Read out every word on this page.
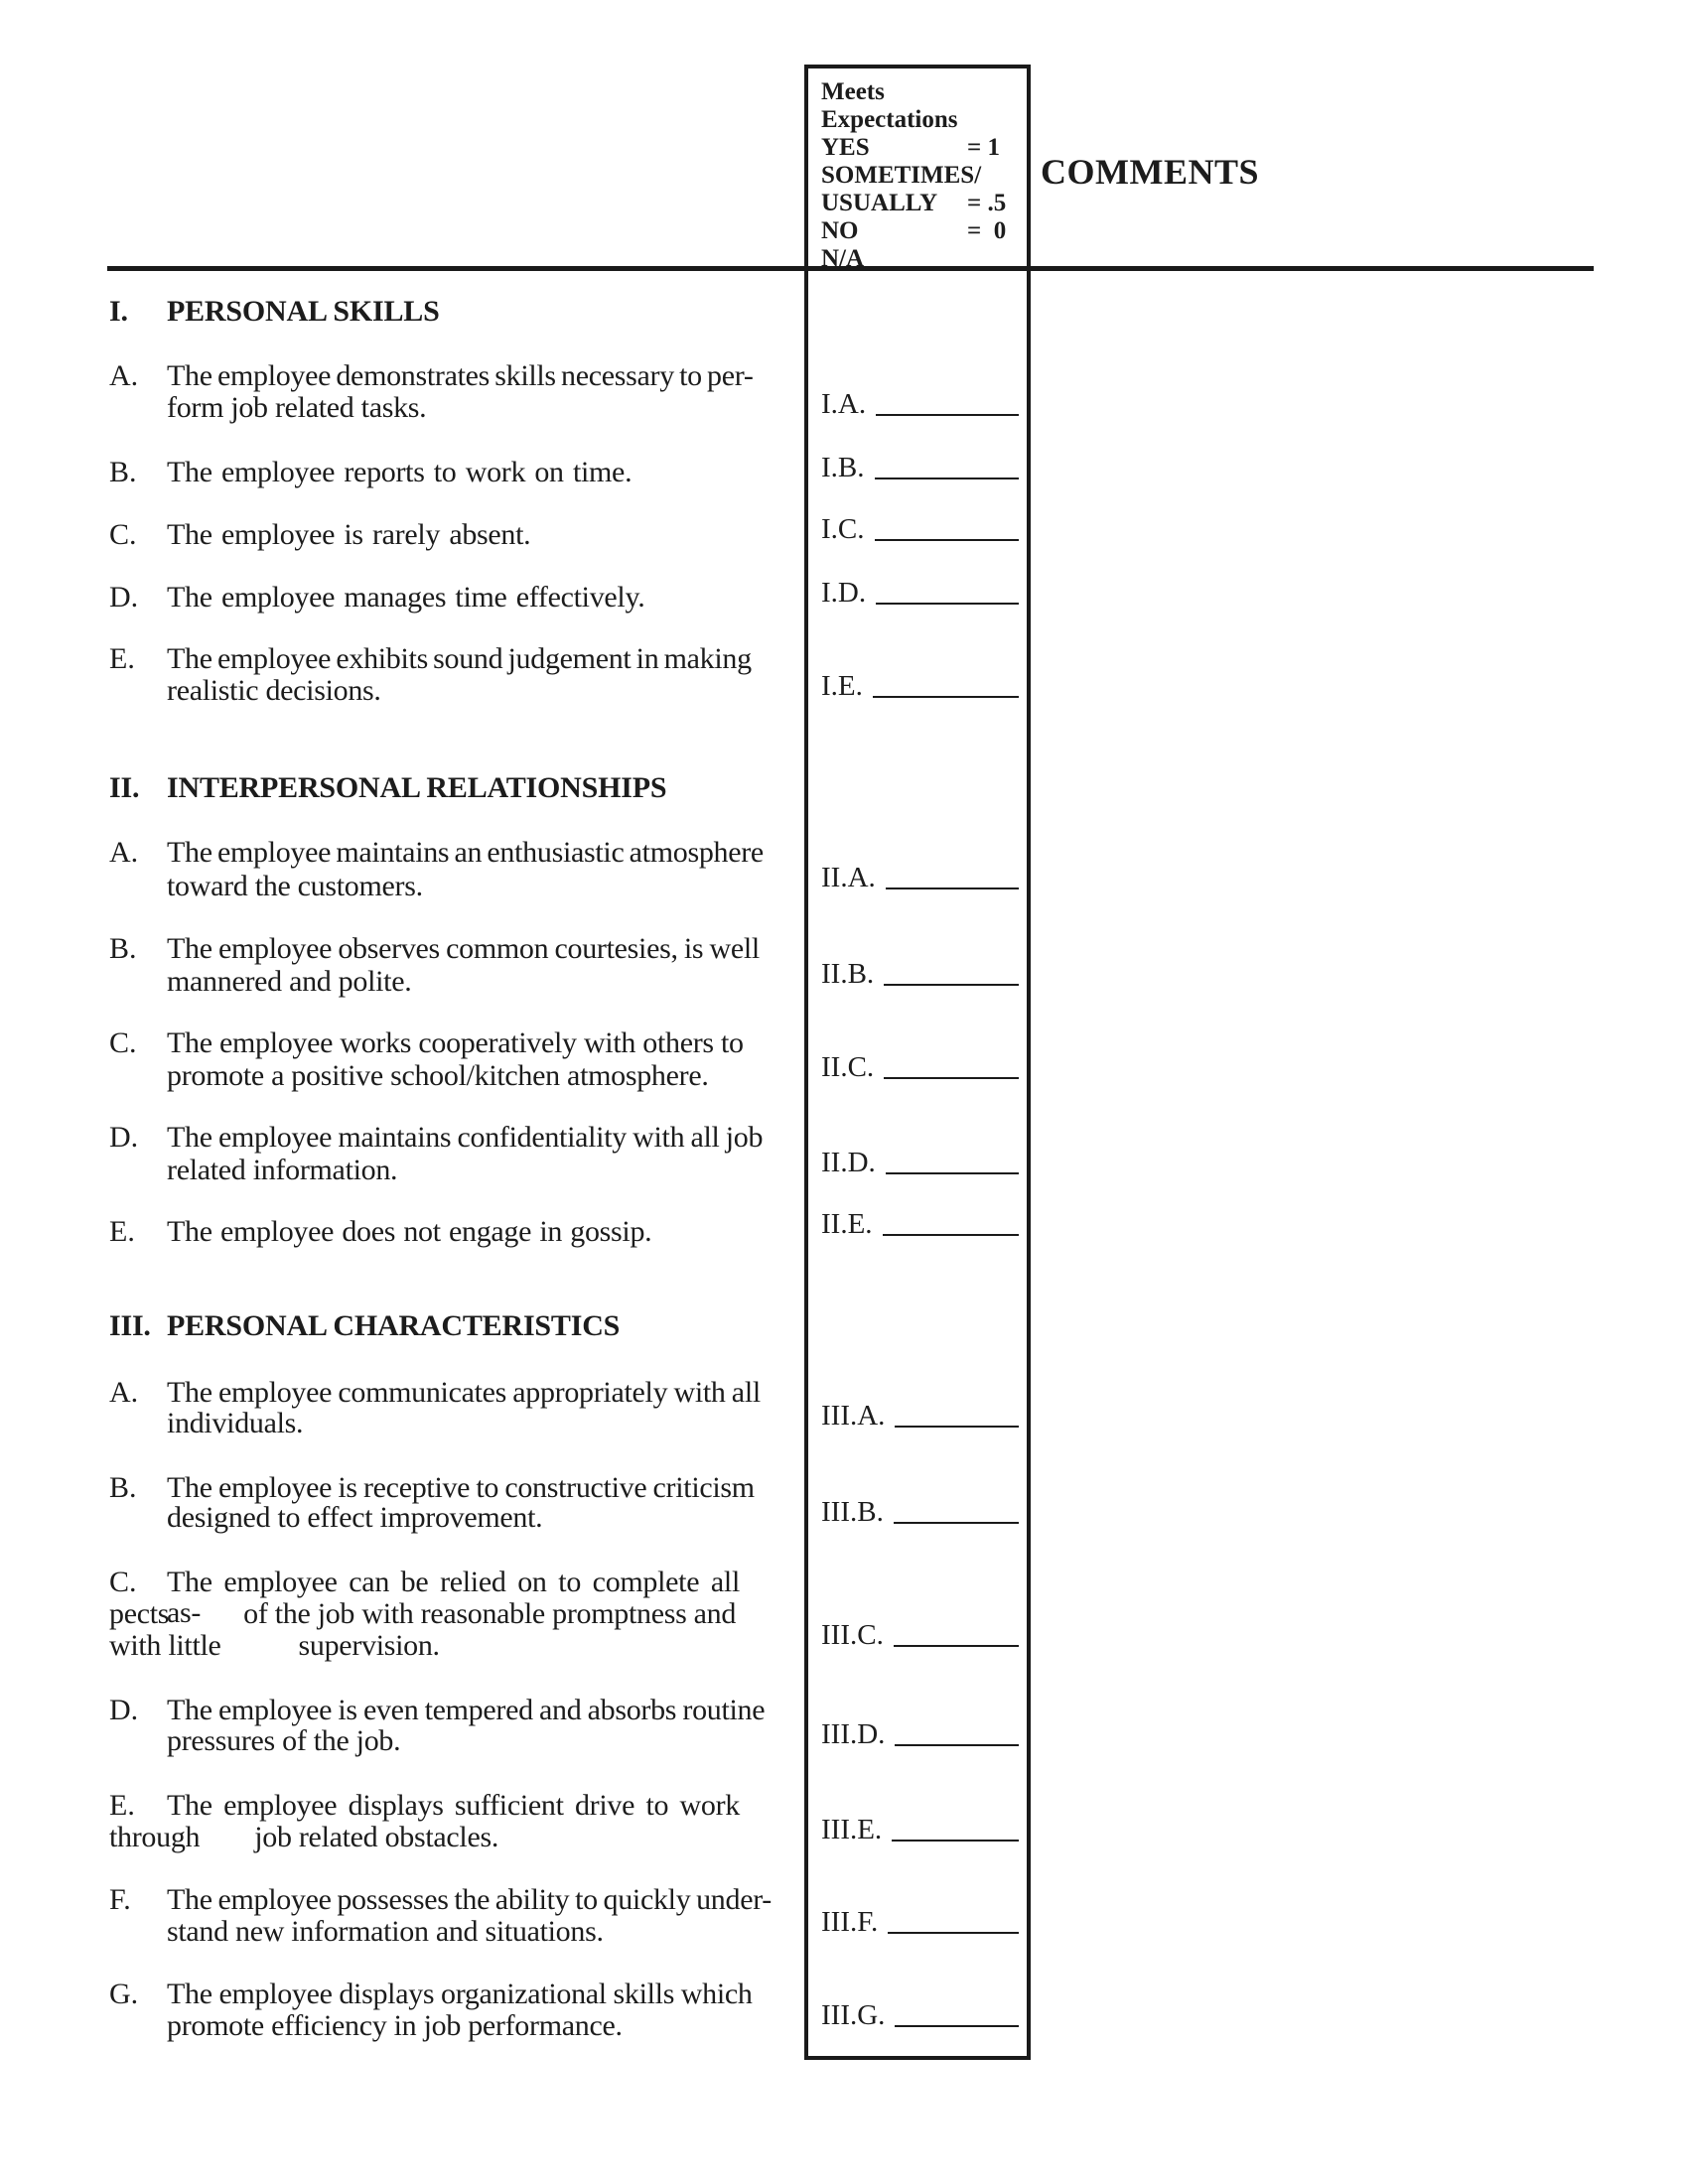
Meets
Expectations
YES	= 1
SOMETIMES/
USUALLY = .5
NO	=  0
N/A
COMMENTS
I. PERSONAL SKILLS
A. The employee demonstrates skills necessary to per-
form job related tasks.	I.A.
B. The employee reports to work on time.	I.B.
C. The employee is rarely absent.	I.C.
D. The employee manages time effectively.	I.D.
E. The employee exhibits sound judgement in making
realistic decisions.	I.E.
II. INTERPERSONAL RELATIONSHIPS
A. The employee maintains an enthusiastic atmosphere
toward the customers.	II.A.
B. The employee observes common courtesies, is well
mannered and polite.	II.B.
C. The employee works cooperatively with others to
promote a positive school/kitchen atmosphere.	II.C.
D. The employee maintains confidentiality with all job
related information.	II.D.
E. The employee does not engage in gossip.	II.E.
III. PERSONAL CHARACTERISTICS
A. The employee communicates appropriately with all
individuals.	III.A.
B. The employee is receptive to constructive criticism
designed to effect improvement.	III.B.
C. The employee can be relied on to complete all as-
pects	of the job with reasonable promptness and
with little	supervision.	III.C.
D. The employee is even tempered and absorbs routine
pressures of the job.	III.D.
E. The employee displays sufficient drive to work
through job related obstacles.	III.E.
F. The employee possesses the ability to quickly under-
stand new information and situations.	III.F.
G. The employee displays organizational skills which
promote efficiency in job performance.	III.G.
